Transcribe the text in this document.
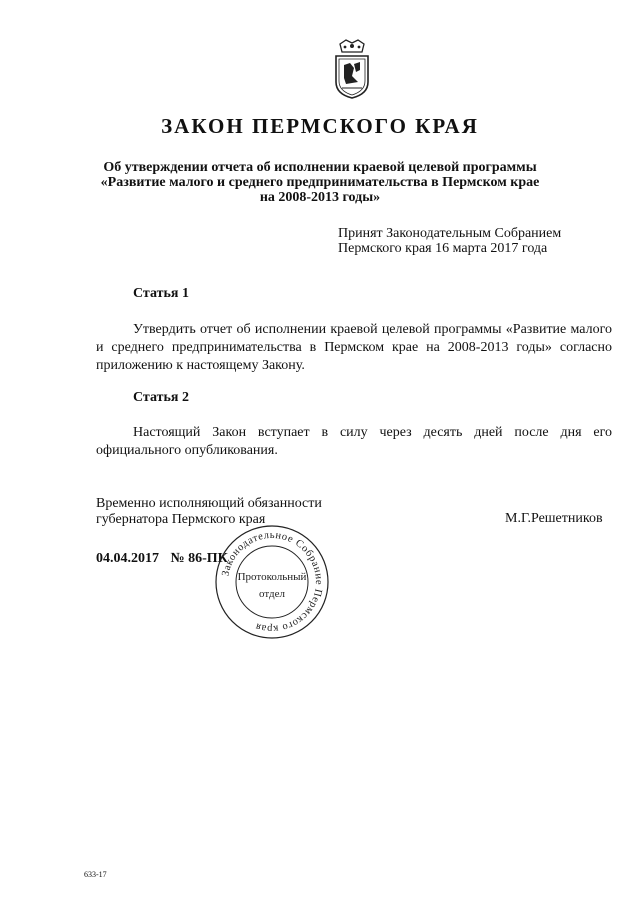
ЗАКОН ПЕРМСКОГО КРАЯ
Об утверждении отчета об исполнении краевой целевой программы
«Развитие малого и среднего предпринимательства в Пермском крае
на 2008-2013 годы»
Принят Законодательным Собранием
Пермского края 16 марта 2017 года
Статья 1
Утвердить отчет об исполнении краевой целевой программы «Развитие малого и среднего предпринимательства в Пермском крае на 2008-2013 годы» согласно приложению к настоящему Закону.
Статья 2
Настоящий Закон вступает в силу через десять дней после дня его официального опубликования.
Временно исполняющий обязанности
губернатора Пермского края	М.Г.Решетников
04.04.2017 № 86-ПК
Законодательное Собрание Пермского края
Протокольный
отдел
633-17
